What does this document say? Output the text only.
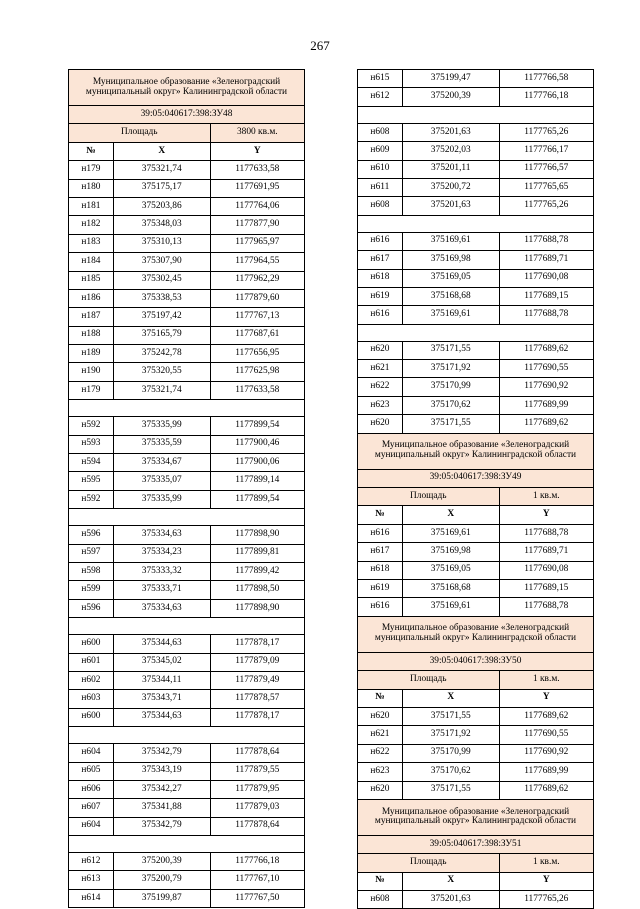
267
Муниципальное образование «Зеленоградский муниципальный округ» Калининградской области		
39:05:040617:398:ЗУ48		
Площадь		3800 кв.м.
№	X	Y
н179	375321,74	1177633,58
н180	375175,17	1177691,95
н181	375203,86	1177764,06
н182	375348,03	1177877,90
н183	375310,13	1177965,97
н184	375307,90	1177964,55
н185	375302,45	1177962,29
н186	375338,53	1177879,60
н187	375197,42	1177767,13
н188	375165,79	1177687,61
н189	375242,78	1177656,95
н190	375320,55	1177625,98
н179	375321,74	1177633,58

н592	375335,99	1177899,54
н593	375335,59	1177900,46
н594	375334,67	1177900,06
н595	375335,07	1177899,14
н592	375335,99	1177899,54

н596	375334,63	1177898,90
н597	375334,23	1177899,81
н598	375333,32	1177899,42
н599	375333,71	1177898,50
н596	375334,63	1177898,90

н600	375344,63	1177878,17
н601	375345,02	1177879,09
н602	375344,11	1177879,49
н603	375343,71	1177878,57
н600	375344,63	1177878,17

н604	375342,79	1177878,64
н605	375343,19	1177879,55
н606	375342,27	1177879,95
н607	375341,88	1177879,03
н604	375342,79	1177878,64

н612	375200,39	1177766,18
н613	375200,79	1177767,10
н614	375199,87	1177767,50
н615	375199,47	1177766,58
н612	375200,39	1177766,18

н608	375201,63	1177765,26
н609	375202,03	1177766,17
н610	375201,11	1177766,57
н611	375200,72	1177765,65
н608	375201,63	1177765,26

н616	375169,61	1177688,78
н617	375169,98	1177689,71
н618	375169,05	1177690,08
н619	375168,68	1177689,15
н616	375169,61	1177688,78

н620	375171,55	1177689,62
н621	375171,92	1177690,55
н622	375170,99	1177690,92
н623	375170,62	1177689,99
н620	375171,55	1177689,62
Муниципальное образование «Зеленоградский муниципальный округ» Калининградской области		
39:05:040617:398:ЗУ49		
Площадь		1 кв.м.
№	X	Y
н616	375169,61	1177688,78
н617	375169,98	1177689,71
н618	375169,05	1177690,08
н619	375168,68	1177689,15
н616	375169,61	1177688,78
Муниципальное образование «Зеленоградский муниципальный округ» Калининградской области		
39:05:040617:398:ЗУ50		
Площадь		1 кв.м.
№	X	Y
н620	375171,55	1177689,62
н621	375171,92	1177690,55
н622	375170,99	1177690,92
н623	375170,62	1177689,99
н620	375171,55	1177689,62
Муниципальное образование «Зеленоградский муниципальный округ» Калининградской области		
39:05:040617:398:ЗУ51		
Площадь		1 кв.м.
№	X	Y
н608	375201,63	1177765,26
